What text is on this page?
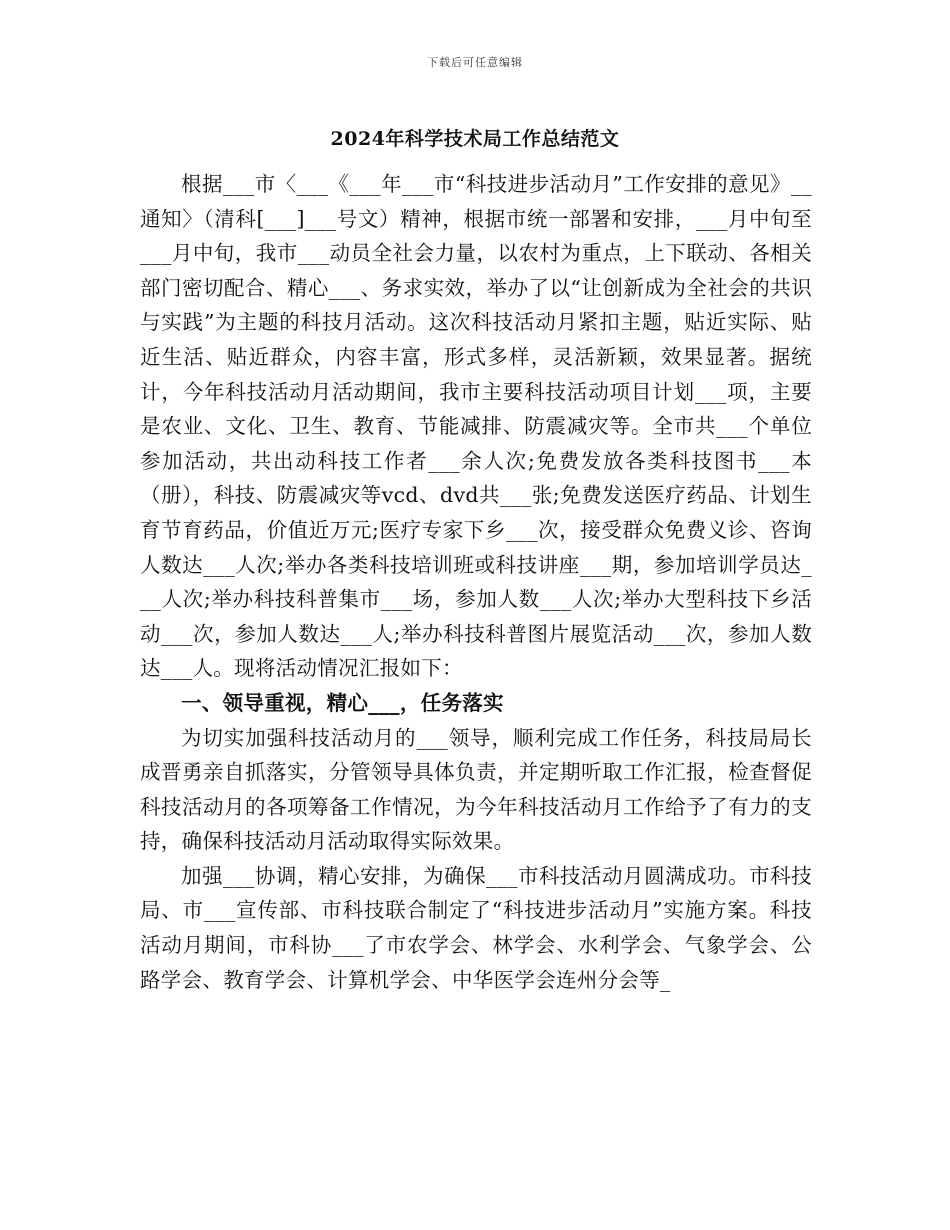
下载后可任意编辑
2024年科学技术局工作总结范文

根据___市〈___《___年___市“科技进步活动月”工作安排的意见》__通知〉（清科[___]___号文）精神，根据市统一部署和安排，___月中旬至___月中旬，我市___动员全社会力量，以农村为重点，上下联动、各相关部门密切配合、精心___、务求实效，举办了以“让创新成为全社会的共识与实践”为主题的科技月活动。这次科技活动月紧扣主题，贴近实际、贴近生活、贴近群众，内容丰富，形式多样，灵活新颖，效果显著。据统计，今年科技活动月活动期间，我市主要科技活动项目计划___项，主要是农业、文化、卫生、教育、节能减排、防震减灾等。全市共___个单位参加活动，共出动科技工作者___余人次;免费发放各类科技图书___本（册），科技、防震减灾等vcd、dvd共___张;免费发送医疗药品、计划生育节育药品，价值近万元;医疗专家下乡___次，接受群众免费义诊、咨询人数达___人次;举办各类科技培训班或科技讲座___期，参加培训学员达___人次;举办科技科普集市___场，参加人数___人次;举办大型科技下乡活动___次，参加人数达___人;举办科技科普图片展览活动___次，参加人数达___人。现将活动情况汇报如下：

一、领导重视，精心___，任务落实

为切实加强科技活动月的___领导，顺利完成工作任务，科技局局长成晋勇亲自抓落实，分管领导具体负责，并定期听取工作汇报，检查督促科技活动月的各项筹备工作情况，为今年科技活动月工作给予了有力的支持，确保科技活动月活动取得实际效果。

加强___协调，精心安排，为确保___市科技活动月圆满成功。市科技局、市___宣传部、市科技联合制定了“科技进步活动月”实施方案。科技活动月期间，市科协___了市农学会、林学会、水利学会、气象学会、公路学会、教育学会、计算机学会、中华医学会连州分会等_
